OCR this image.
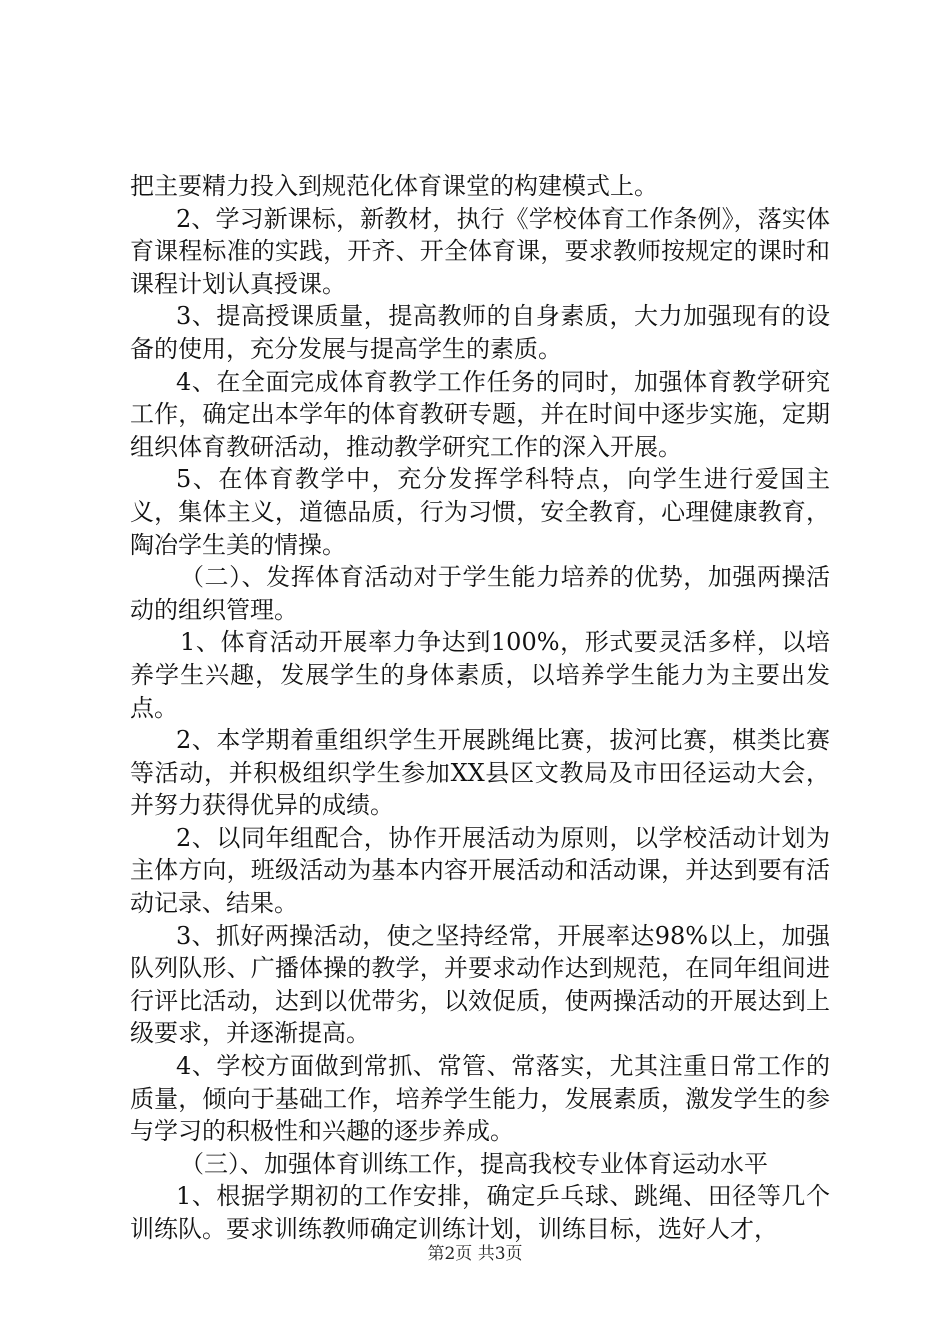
把主要精力投入到规范化体育课堂的构建模式上。

2、学习新课标，新教材，执行《学校体育工作条例》，落实体育课程标准的实践，开齐、开全体育课，要求教师按规定的课时和课程计划认真授课。

3、提高授课质量，提高教师的自身素质，大力加强现有的设备的使用，充分发展与提高学生的素质。

4、在全面完成体育教学工作任务的同时，加强体育教学研究工作，确定出本学年的体育教研专题，并在时间中逐步实施，定期组织体育教研活动，推动教学研究工作的深入开展。

5、在体育教学中，充分发挥学科特点，向学生进行爱国主义，集体主义，道德品质，行为习惯，安全教育，心理健康教育，陶冶学生美的情操。

（二）、发挥体育活动对于学生能力培养的优势，加强两操活动的组织管理。

1、体育活动开展率力争达到100%，形式要灵活多样，以培养学生兴趣，发展学生的身体素质，以培养学生能力为主要出发点。

2、本学期着重组织学生开展跳绳比赛，拔河比赛，棋类比赛等活动，并积极组织学生参加XX县区文教局及市田径运动大会，并努力获得优异的成绩。

2、以同年组配合，协作开展活动为原则，以学校活动计划为主体方向，班级活动为基本内容开展活动和活动课，并达到要有活动记录、结果。

3、抓好两操活动，使之坚持经常，开展率达98%以上，加强队列队形、广播体操的教学，并要求动作达到规范，在同年组间进行评比活动，达到以优带劣，以效促质，使两操活动的开展达到上级要求，并逐渐提高。

4、学校方面做到常抓、常管、常落实，尤其注重日常工作的质量，倾向于基础工作，培养学生能力，发展素质，激发学生的参与学习的积极性和兴趣的逐步养成。

（三）、加强体育训练工作，提高我校专业体育运动水平

1、根据学期初的工作安排，确定乒乓球、跳绳、田径等几个训练队。要求训练教师确定训练计划，训练目标，选好人才，

第2页 共3页
